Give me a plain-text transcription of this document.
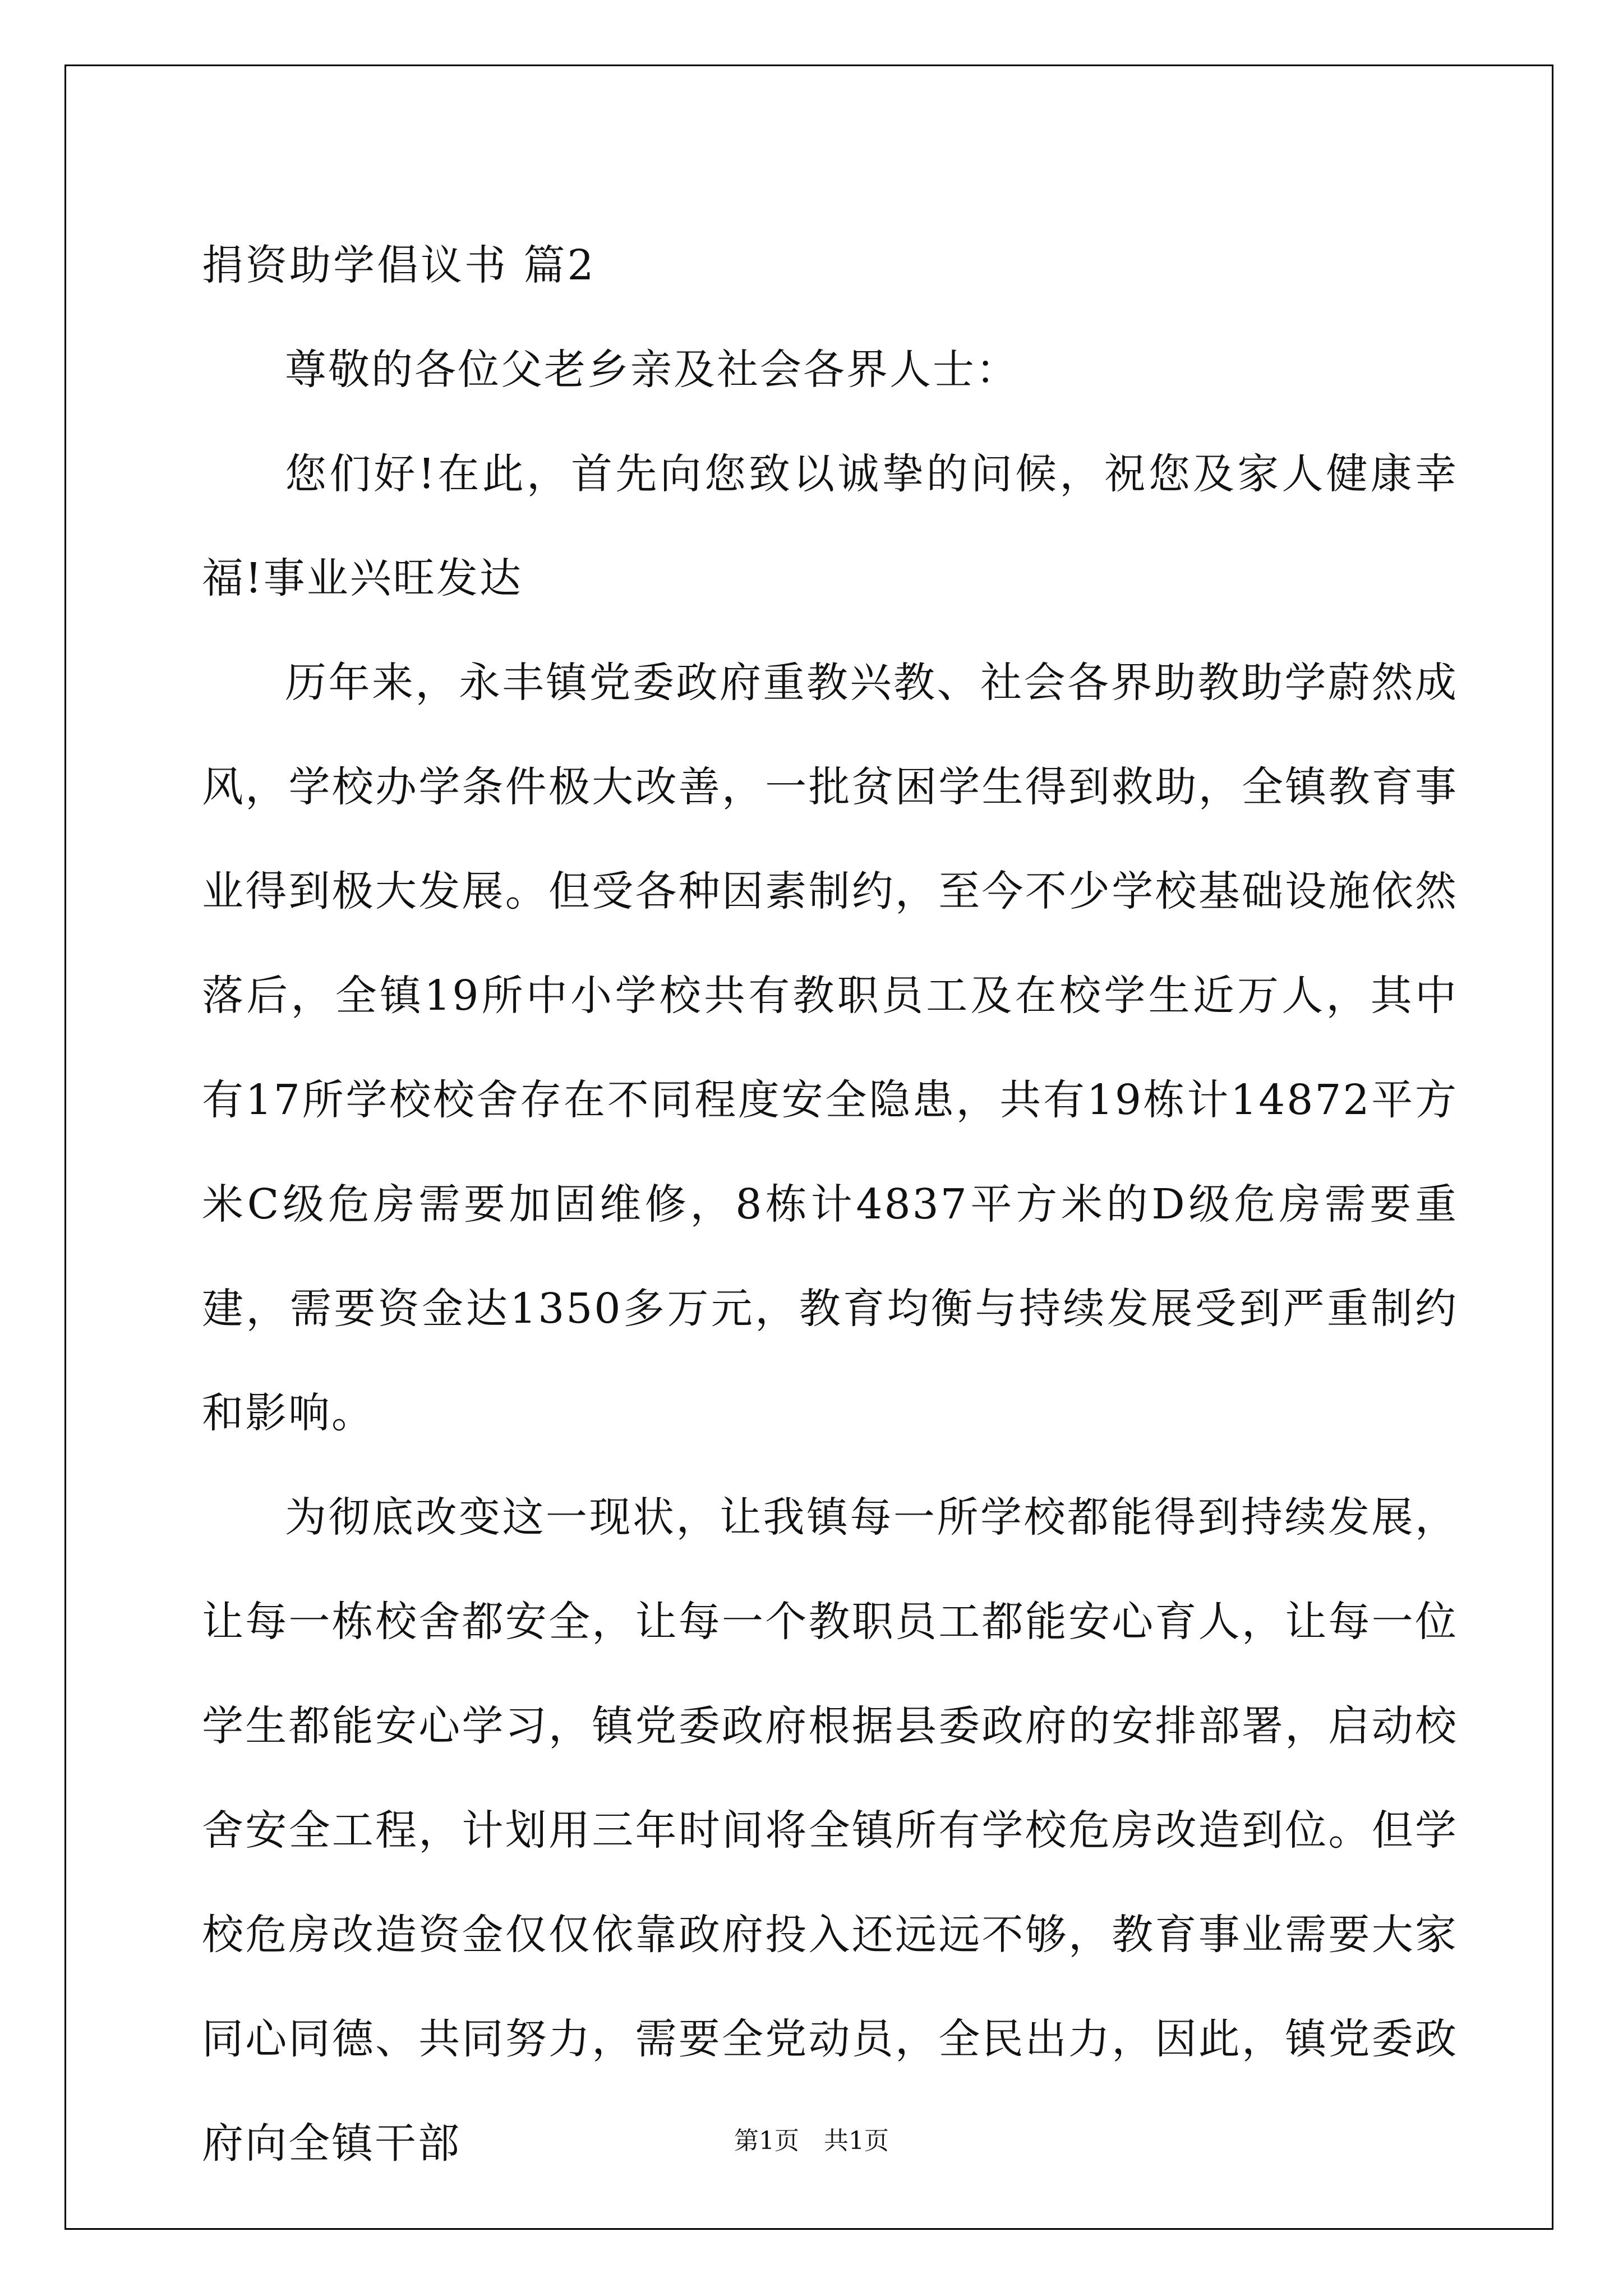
捐资助学倡议书 篇2

尊敬的各位父老乡亲及社会各界人士：

您们好!在此，首先向您致以诚挚的问候，祝您及家人健康幸福!事业兴旺发达

历年来，永丰镇党委政府重教兴教、社会各界助教助学蔚然成风，学校办学条件极大改善，一批贫困学生得到救助，全镇教育事业得到极大发展。但受各种因素制约，至今不少学校基础设施依然落后，全镇19所中小学校共有教职员工及在校学生近万人，其中有17所学校校舍存在不同程度安全隐患，共有19栋计14872平方米C级危房需要加固维修，8栋计4837平方米的D级危房需要重建，需要资金达1350多万元，教育均衡与持续发展受到严重制约和影响。

为彻底改变这一现状，让我镇每一所学校都能得到持续发展，让每一栋校舍都安全，让每一个教职员工都能安心育人，让每一位学生都能安心学习，镇党委政府根据县委政府的安排部署，启动校舍安全工程，计划用三年时间将全镇所有学校危房改造到位。但学校危房改造资金仅仅依靠政府投入还远远不够，教育事业需要大家同心同德、共同努力，需要全党动员，全民出力，因此，镇党委政府向全镇干部	第1页　共1页
